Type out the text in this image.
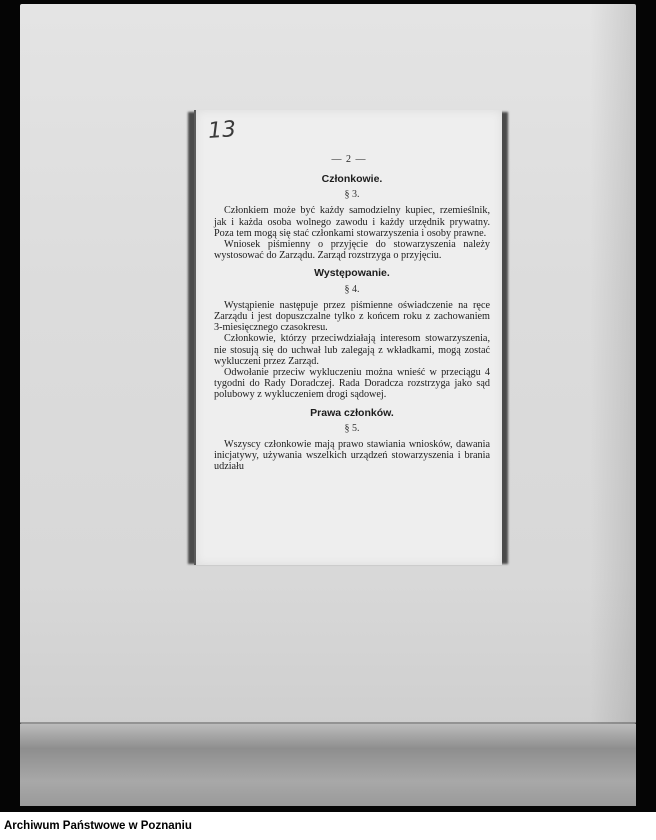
13
— 2 —
Członkowie.
§ 3.

Członkiem może być każdy samodzielny kupiec, rzemieślnik, jak i każda osoba wolnego zawodu i każdy urzędnik prywatny. Poza tem mogą się stać członkami stowarzyszenia i osoby prawne.

Wniosek piśmienny o przyjęcie do stowarzyszenia należy wystosować do Zarządu. Zarząd rozstrzyga o przyjęciu.

Występowanie.
§ 4.

Wystąpienie następuje przez piśmienne oświadczenie na ręce Zarządu i jest dopuszczalne tylko z końcem roku z zachowaniem 3-miesięcznego czasokresu.

Członkowie, którzy przeciwdziałają interesom stowarzyszenia, nie stosują się do uchwał lub zalegają z wkładkami, mogą zostać wykluczeni przez Zarząd.

Odwołanie przeciw wykluczeniu można wnieść w przeciągu 4 tygodni do Rady Doradczej. Rada Doradcza rozstrzyga jako sąd polubowy z wykluczeniem drogi sądowej.

Prawa członków.
§ 5.

Wszyscy członkowie mają prawo stawiania wniosków, dawania inicjatywy, używania wszelkich urządzeń stowarzyszenia i brania udziału

Archiwum Państwowe w Poznaniu
